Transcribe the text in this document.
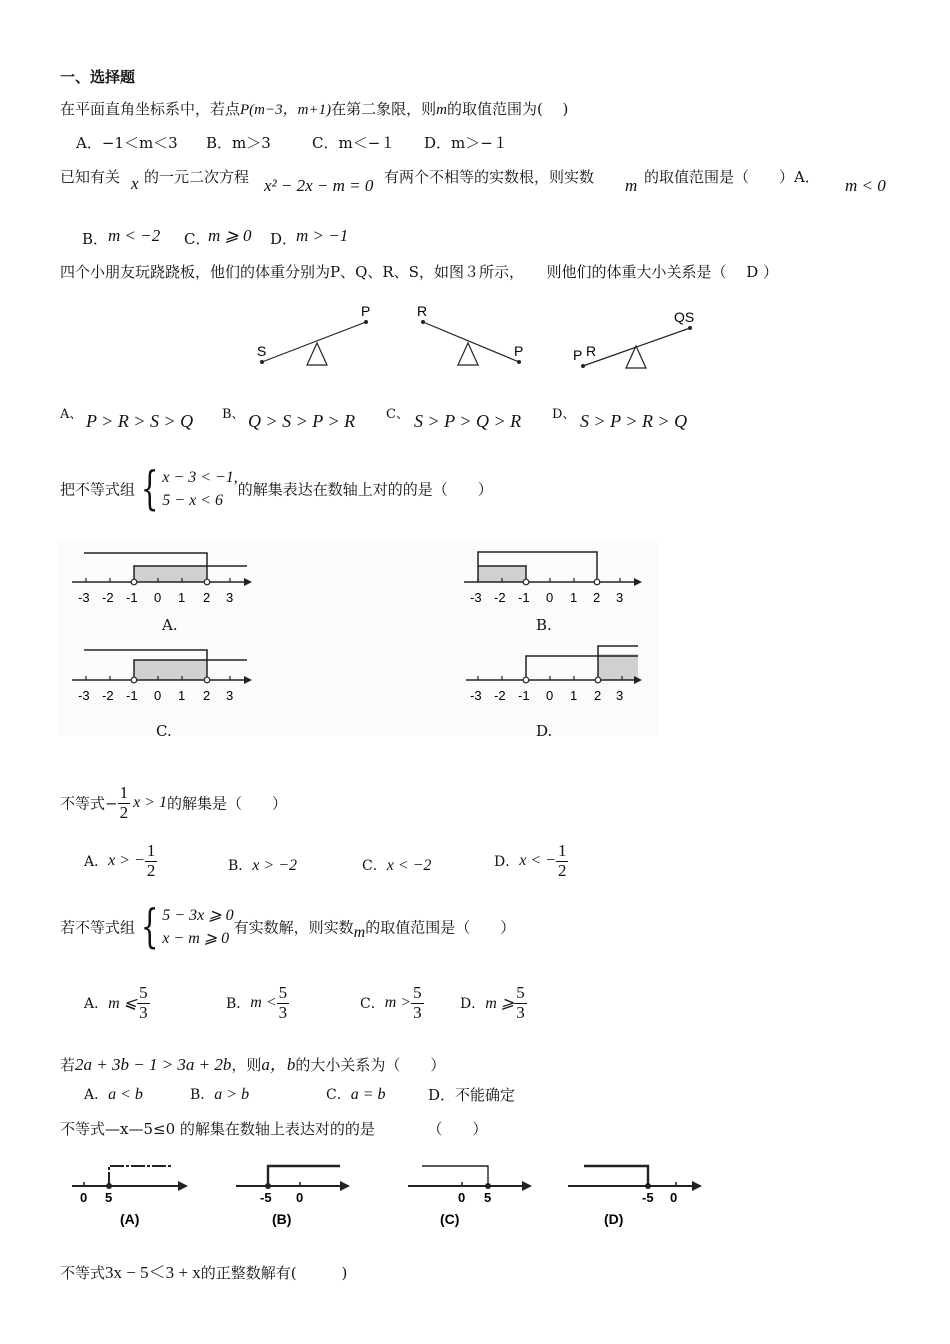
一、选择题
在平面直角坐标系中，若点P(m−3，m+1)在第二象限，则m的取值范围为(　 )
A．−1＜m＜3 B．m＞3	C．m＜−１ D．m＞−１
已知有关 x 的一元二次方程 x² − 2x − m = 0 有两个不相等的实数根，则实数 m 的取值范围是（　　）A． m < 0
B． m < −2 C．
m ⩾ 0 D．
m > −1
四个小朋友玩跷跷板，他们的体重分别为P、Q、R、S，如图３所示，　　则他们的体重大小关系是（　 D ）
S
P	R
P	P R
QS
A、 P > R > S > Q B、 Q > S > P > R C、 S > P > Q > R D、 S > P > R > Q
把不等式组 { x − 3 < −1,
5 − x < 6
的解集表达在数轴上对的的是（　　）
-3 -2 -1 0 1 2 3
A.
-3 -2 -1 0 1 2 3
B.
-3 -2 -1 0 1 2 3
C.
-3 -2 -1 0 1 2 3
D.
不等式− $\frac{1}{2}$ x > 1的解集是（　　）
A．x > − $\frac{1}{2}$	B．x > −2	C．x < −2	D．x < − $\frac{1}{2}$
若不等式组 { 5 − 3x ⩾ 0
x − m ⩾ 0
有实数解，则实数m的取值范围是（　　）
A．m ⩽ $\frac{5}{3}$	B．$m < \frac{5}{3}$	C．$m > \frac{5}{3}$	D．m ⩾ $\frac{5}{3}$
若2a + 3b − 1 > 3a + 2b，则a，b的大小关系为（　　）
A．a < b	B．a > b	C．a = b	D．不能确定
不等式—x—5≤0 的解集在数轴上表达对的的是　　　　（　　）
0 5
(A)
-5 0
(B)
0 5
(C)
-5 0
(D)
不等式3x − 5＜3 + x的正整数解有(　　　)
